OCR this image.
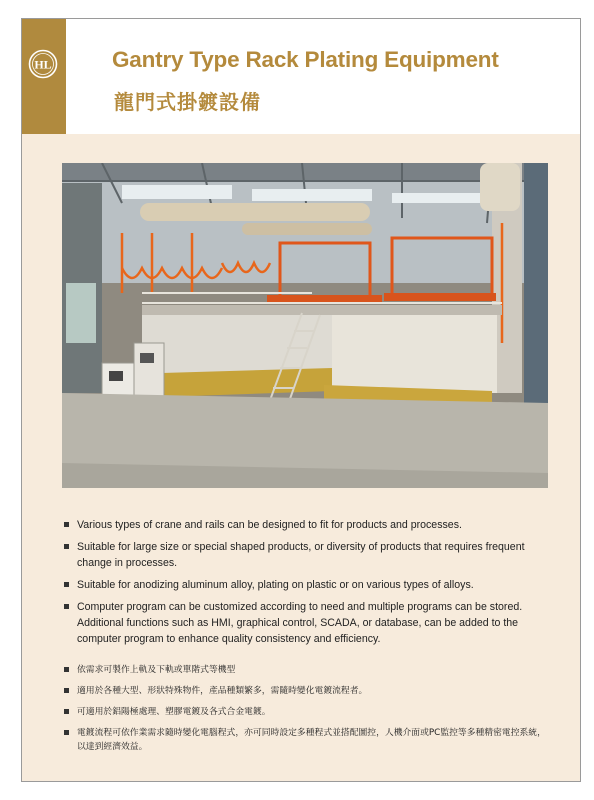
HL	Gantry Type Rack Plating Equipment
龍門式掛鍍設備
Various types of crane and rails can be designed to fit for products and processes.
Suitable for large size or special shaped products, or diversity of products that requires frequent change in processes.
Suitable for anodizing aluminum alloy, plating on plastic or on various types of alloys.
Computer program can be customized according to need and multiple programs can be stored. Additional functions such as HMI, graphical control, SCADA, or database, can be added to the computer program to enhance quality consistency and efficiency.
依需求可製作上軌及下軌或單階式等機型
適用於各種大型、形狀特殊物件，產品種類繁多，需隨時變化電鍍流程者。
可適用於鋁陽極處理、塑膠電鍍及各式合金電鍍。
電鍍流程可依作業需求隨時變化電腦程式，亦可同時設定多種程式並搭配圖控，人機介面或PC監控等多種精密電控系統，以達到經濟效益。
